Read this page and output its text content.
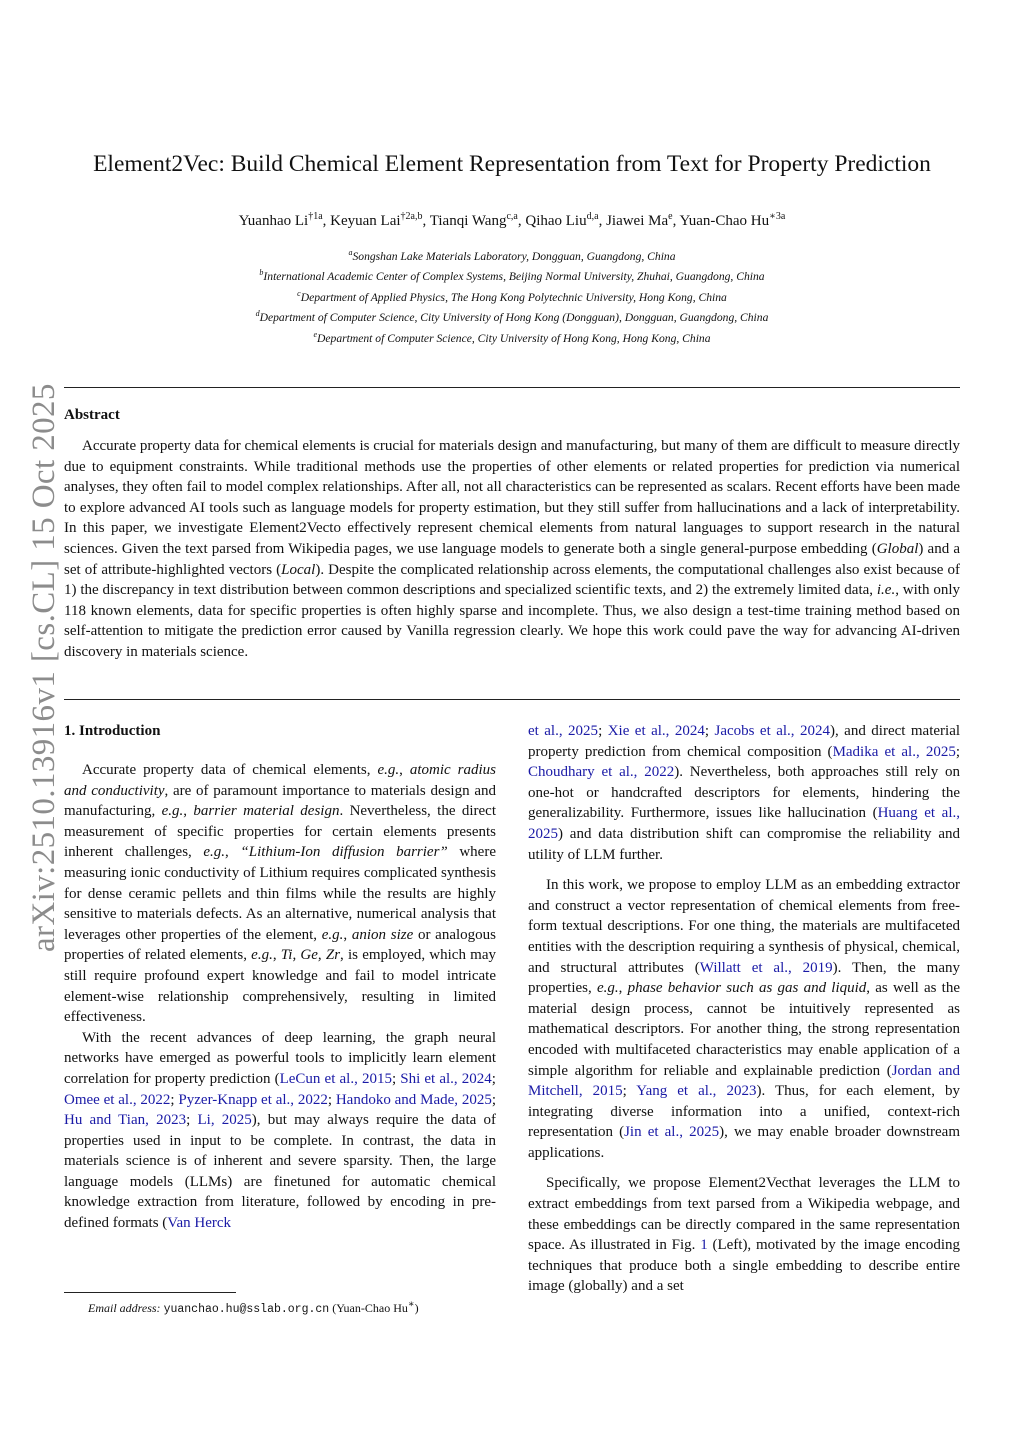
arXiv:2510.13916v1 [cs.CL] 15 Oct 2025
Element2Vec: Build Chemical Element Representation from Text for Property Prediction
Yuanhao $Li^{\dagger 1a}$, Keyuan Lai$^{\dagger 2a,b}$, Tianqi Wang$^{c,a}$, Qihao Liu$^{d,a}$, Jiawei Ma$^e$, Yuan-Chao $Hu^{∗3a}$
$^a$Songshan Lake Materials Laboratory, Dongguan, Guangdong, China
$^b$International Academic Center of Complex Systems, Beijing Normal University, Zhuhai, Guangdong, China
$^c$Department of Applied Physics, The Hong Kong Polytechnic University, Hong Kong, China
$^d$Department of Computer Science, City University of Hong Kong (Dongguan), Dongguan, Guangdong, China
$^e$Department of Computer Science, City University of Hong Kong, Hong Kong, China
Abstract
Accurate property data for chemical elements is crucial for materials design and manufacturing, but many of them are difficult to measure directly due to equipment constraints. While traditional methods use the properties of other elements or related properties for prediction via numerical analyses, they often fail to model complex relationships. After all, not all characteristics can be represented as scalars. Recent efforts have been made to explore advanced AI tools such as language models for property estimation, but they still suffer from hallucinations and a lack of interpretability. In this paper, we investigate Element2Vecto effectively represent chemical elements from natural languages to support research in the natural sciences. Given the text parsed from Wikipedia pages, we use language models to generate both a single general-purpose embedding (Global) and a set of attribute-highlighted vectors (Local). Despite the complicated relationship across elements, the computational challenges also exist because of 1) the discrepancy in text distribution between common descriptions and specialized scientific texts, and 2) the extremely limited data, i.e., with only 118 known elements, data for specific properties is often highly sparse and incomplete. Thus, we also design a test-time training method based on self-attention to mitigate the prediction error caused by Vanilla regression clearly. We hope this work could pave the way for advancing AI-driven discovery in materials science.
1. Introduction

Accurate property data of chemical elements, e.g., atomic radius and conductivity, are of paramount importance to materials design and manufacturing, e.g., barrier material design. Nevertheless, the direct measurement of specific properties for certain elements presents inherent challenges, e.g., “Lithium-Ion diffusion barrier” where measuring ionic conductivity of Lithium requires complicated synthesis for dense ceramic pellets and thin films while the results are highly sensitive to materials defects. As an alternative, numerical analysis that leverages other properties of the element, e.g., anion size or analogous properties of related elements, e.g., Ti, Ge, Zr, is employed, which may still require profound expert knowledge and fail to model intricate element-wise relationship comprehensively, resulting in limited effectiveness.

With the recent advances of deep learning, the graph neural networks have emerged as powerful tools to implicitly learn element correlation for property prediction (LeCun et al., 2015; Shi et al., 2024; Omee et al., 2022; Pyzer-Knapp et al., 2022; Handoko and Made, 2025; Hu and Tian, 2023; Li, 2025), but may always require the data of properties used in input to be complete. In contrast, the data in materials science is of inherent and severe sparsity. Then, the large language models (LLMs) are finetuned for automatic chemical knowledge extraction from literature, followed by encoding in pre-defined formats (Van Herck

et al., 2025; Xie et al., 2024; Jacobs et al., 2024), and direct material property prediction from chemical composition (Madika et al., 2025; Choudhary et al., 2022). Nevertheless, both approaches still rely on one-hot or handcrafted descriptors for elements, hindering the generalizability. Furthermore, issues like hallucination (Huang et al., 2025) and data distribution shift can compromise the reliability and utility of LLM further.

In this work, we propose to employ LLM as an embedding extractor and construct a vector representation of chemical elements from free-form textual descriptions. For one thing, the materials are multifaceted entities with the description requiring a synthesis of physical, chemical, and structural attributes (Willatt et al., 2019). Then, the many properties, e.g., phase behavior such as gas and liquid, as well as the material design process, cannot be intuitively represented as mathematical descriptors. For another thing, the strong representation encoded with multifaceted characteristics may enable application of a simple algorithm for reliable and explainable prediction (Jordan and Mitchell, 2015; Yang et al., 2023). Thus, for each element, by integrating diverse information into a unified, context-rich representation (Jin et al., 2025), we may enable broader downstream applications.

Specifically, we propose Element2Vecthat leverages the LLM to extract embeddings from text parsed from a Wikipedia webpage, and these embeddings can be directly compared in the same representation space. As illustrated in Fig. 1 (Left), motivated by the image encoding techniques that produce both a single embedding to describe entire image (globally) and a set

Email address: yuanchao.hu@sslab.org.cn (Yuan-Chao Hu∗)
